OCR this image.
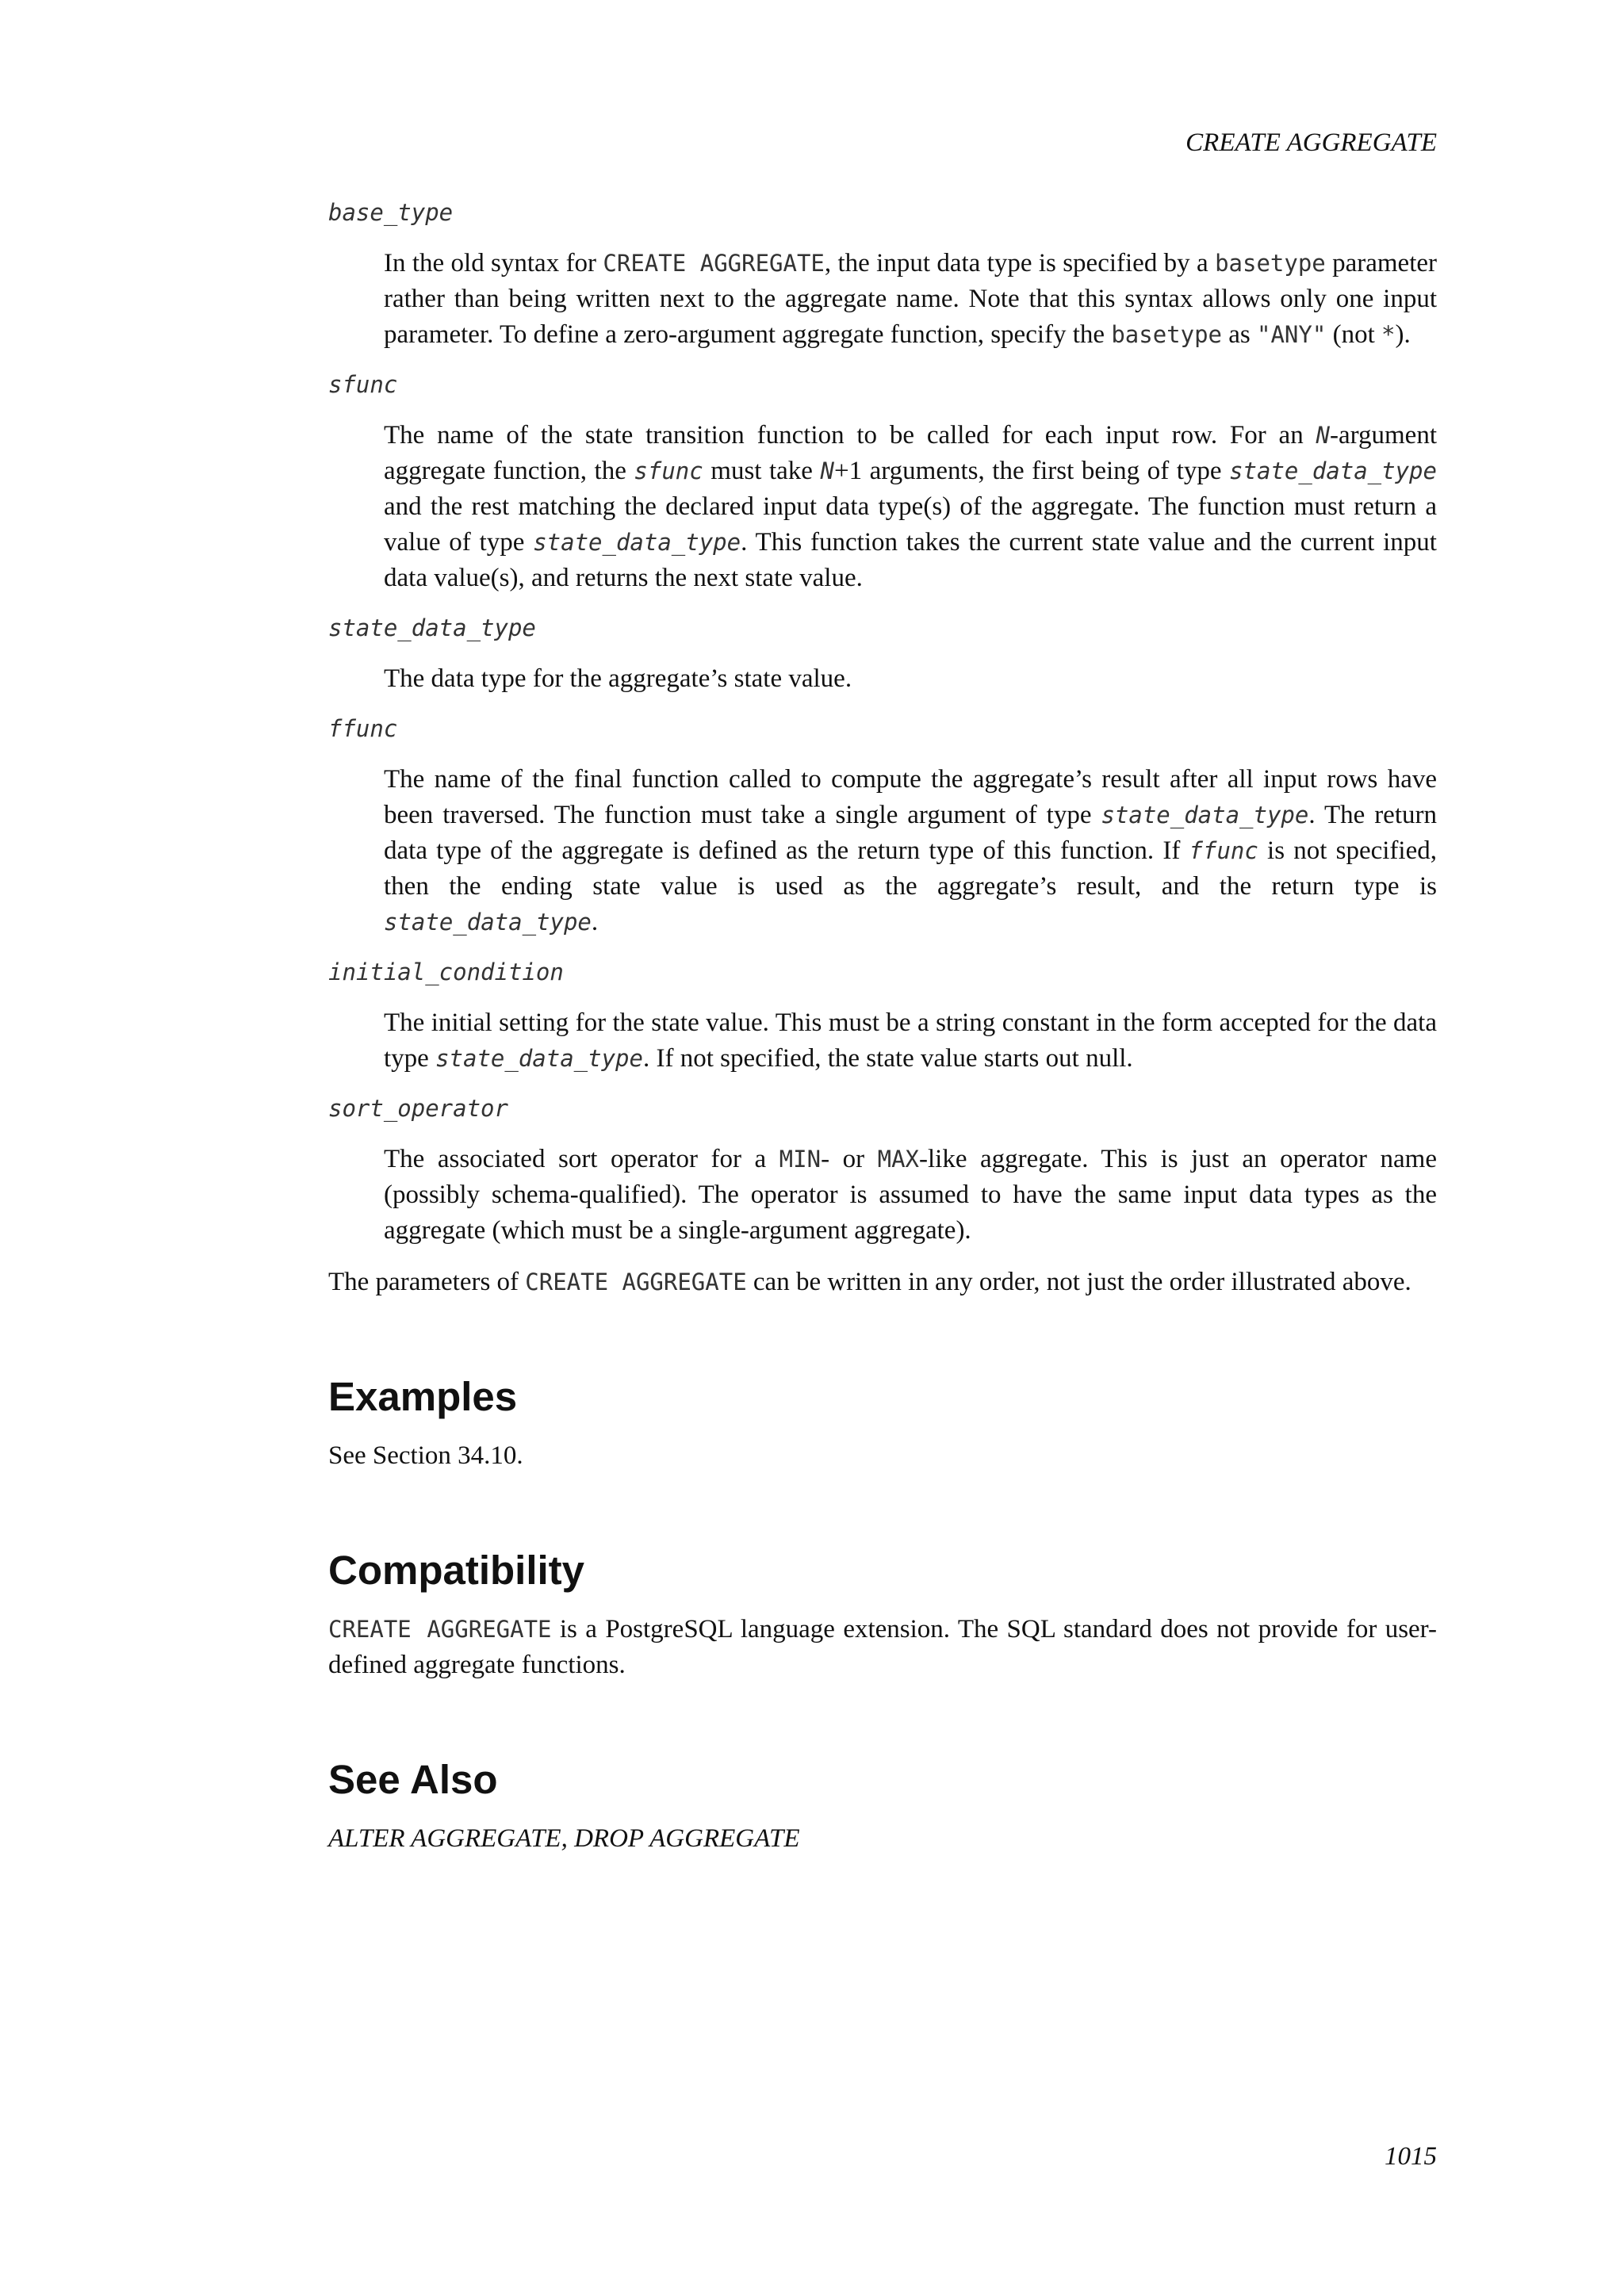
CREATE AGGREGATE
base_type
In the old syntax for CREATE AGGREGATE, the input data type is specified by a basetype parameter rather than being written next to the aggregate name. Note that this syntax allows only one input parameter. To define a zero-argument aggregate function, specify the basetype as "ANY" (not *).
sfunc
The name of the state transition function to be called for each input row. For an N-argument aggregate function, the sfunc must take N+1 arguments, the first being of type state_data_type and the rest matching the declared input data type(s) of the aggregate. The function must return a value of type state_data_type. This function takes the current state value and the current input data value(s), and returns the next state value.
state_data_type
The data type for the aggregate’s state value.
ffunc
The name of the final function called to compute the aggregate’s result after all input rows have been traversed. The function must take a single argument of type state_data_type. The return data type of the aggregate is defined as the return type of this function. If ffunc is not specified, then the ending state value is used as the aggregate’s result, and the return type is state_data_type.
initial_condition
The initial setting for the state value. This must be a string constant in the form accepted for the data type state_data_type. If not specified, the state value starts out null.
sort_operator
The associated sort operator for a MIN- or MAX-like aggregate. This is just an operator name (possibly schema-qualified). The operator is assumed to have the same input data types as the aggregate (which must be a single-argument aggregate).

The parameters of CREATE AGGREGATE can be written in any order, not just the order illustrated above.

Examples

See Section 34.10.

Compatibility

CREATE AGGREGATE is a PostgreSQL language extension. The SQL standard does not provide for user-defined aggregate functions.

See Also
ALTER AGGREGATE, DROP AGGREGATE
1015
